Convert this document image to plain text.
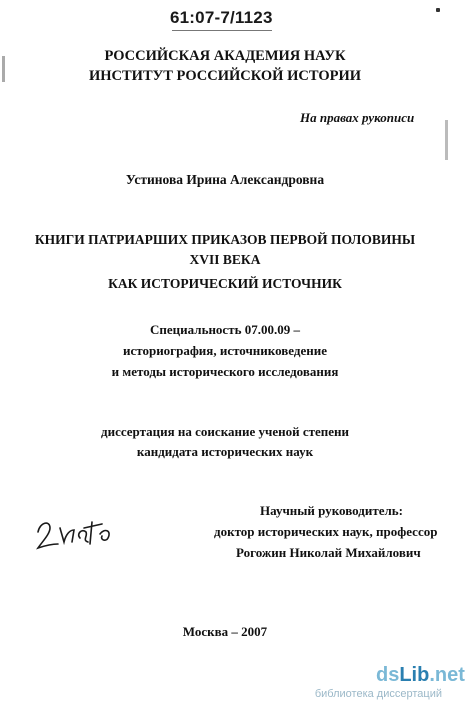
61:07-7/1123
РОССИЙСКАЯ АКАДЕМИЯ НАУК
ИНСТИТУТ РОССИЙСКОЙ ИСТОРИИ
На правах рукописи
Устинова Ирина Александровна
КНИГИ ПАТРИАРШИХ ПРИКАЗОВ ПЕРВОЙ ПОЛОВИНЫ
XVII ВЕКА
КАК ИСТОРИЧЕСКИЙ ИСТОЧНИК
Специальность 07.00.09 –
историография, источниковедение
и методы исторического исследования
диссертация на соискание ученой степени
кандидата исторических наук
Научный руководитель:
доктор исторических наук, профессор
Рогожин Николай Михайлович
Москва – 2007
dsLib.net
библиотека диссертаций
